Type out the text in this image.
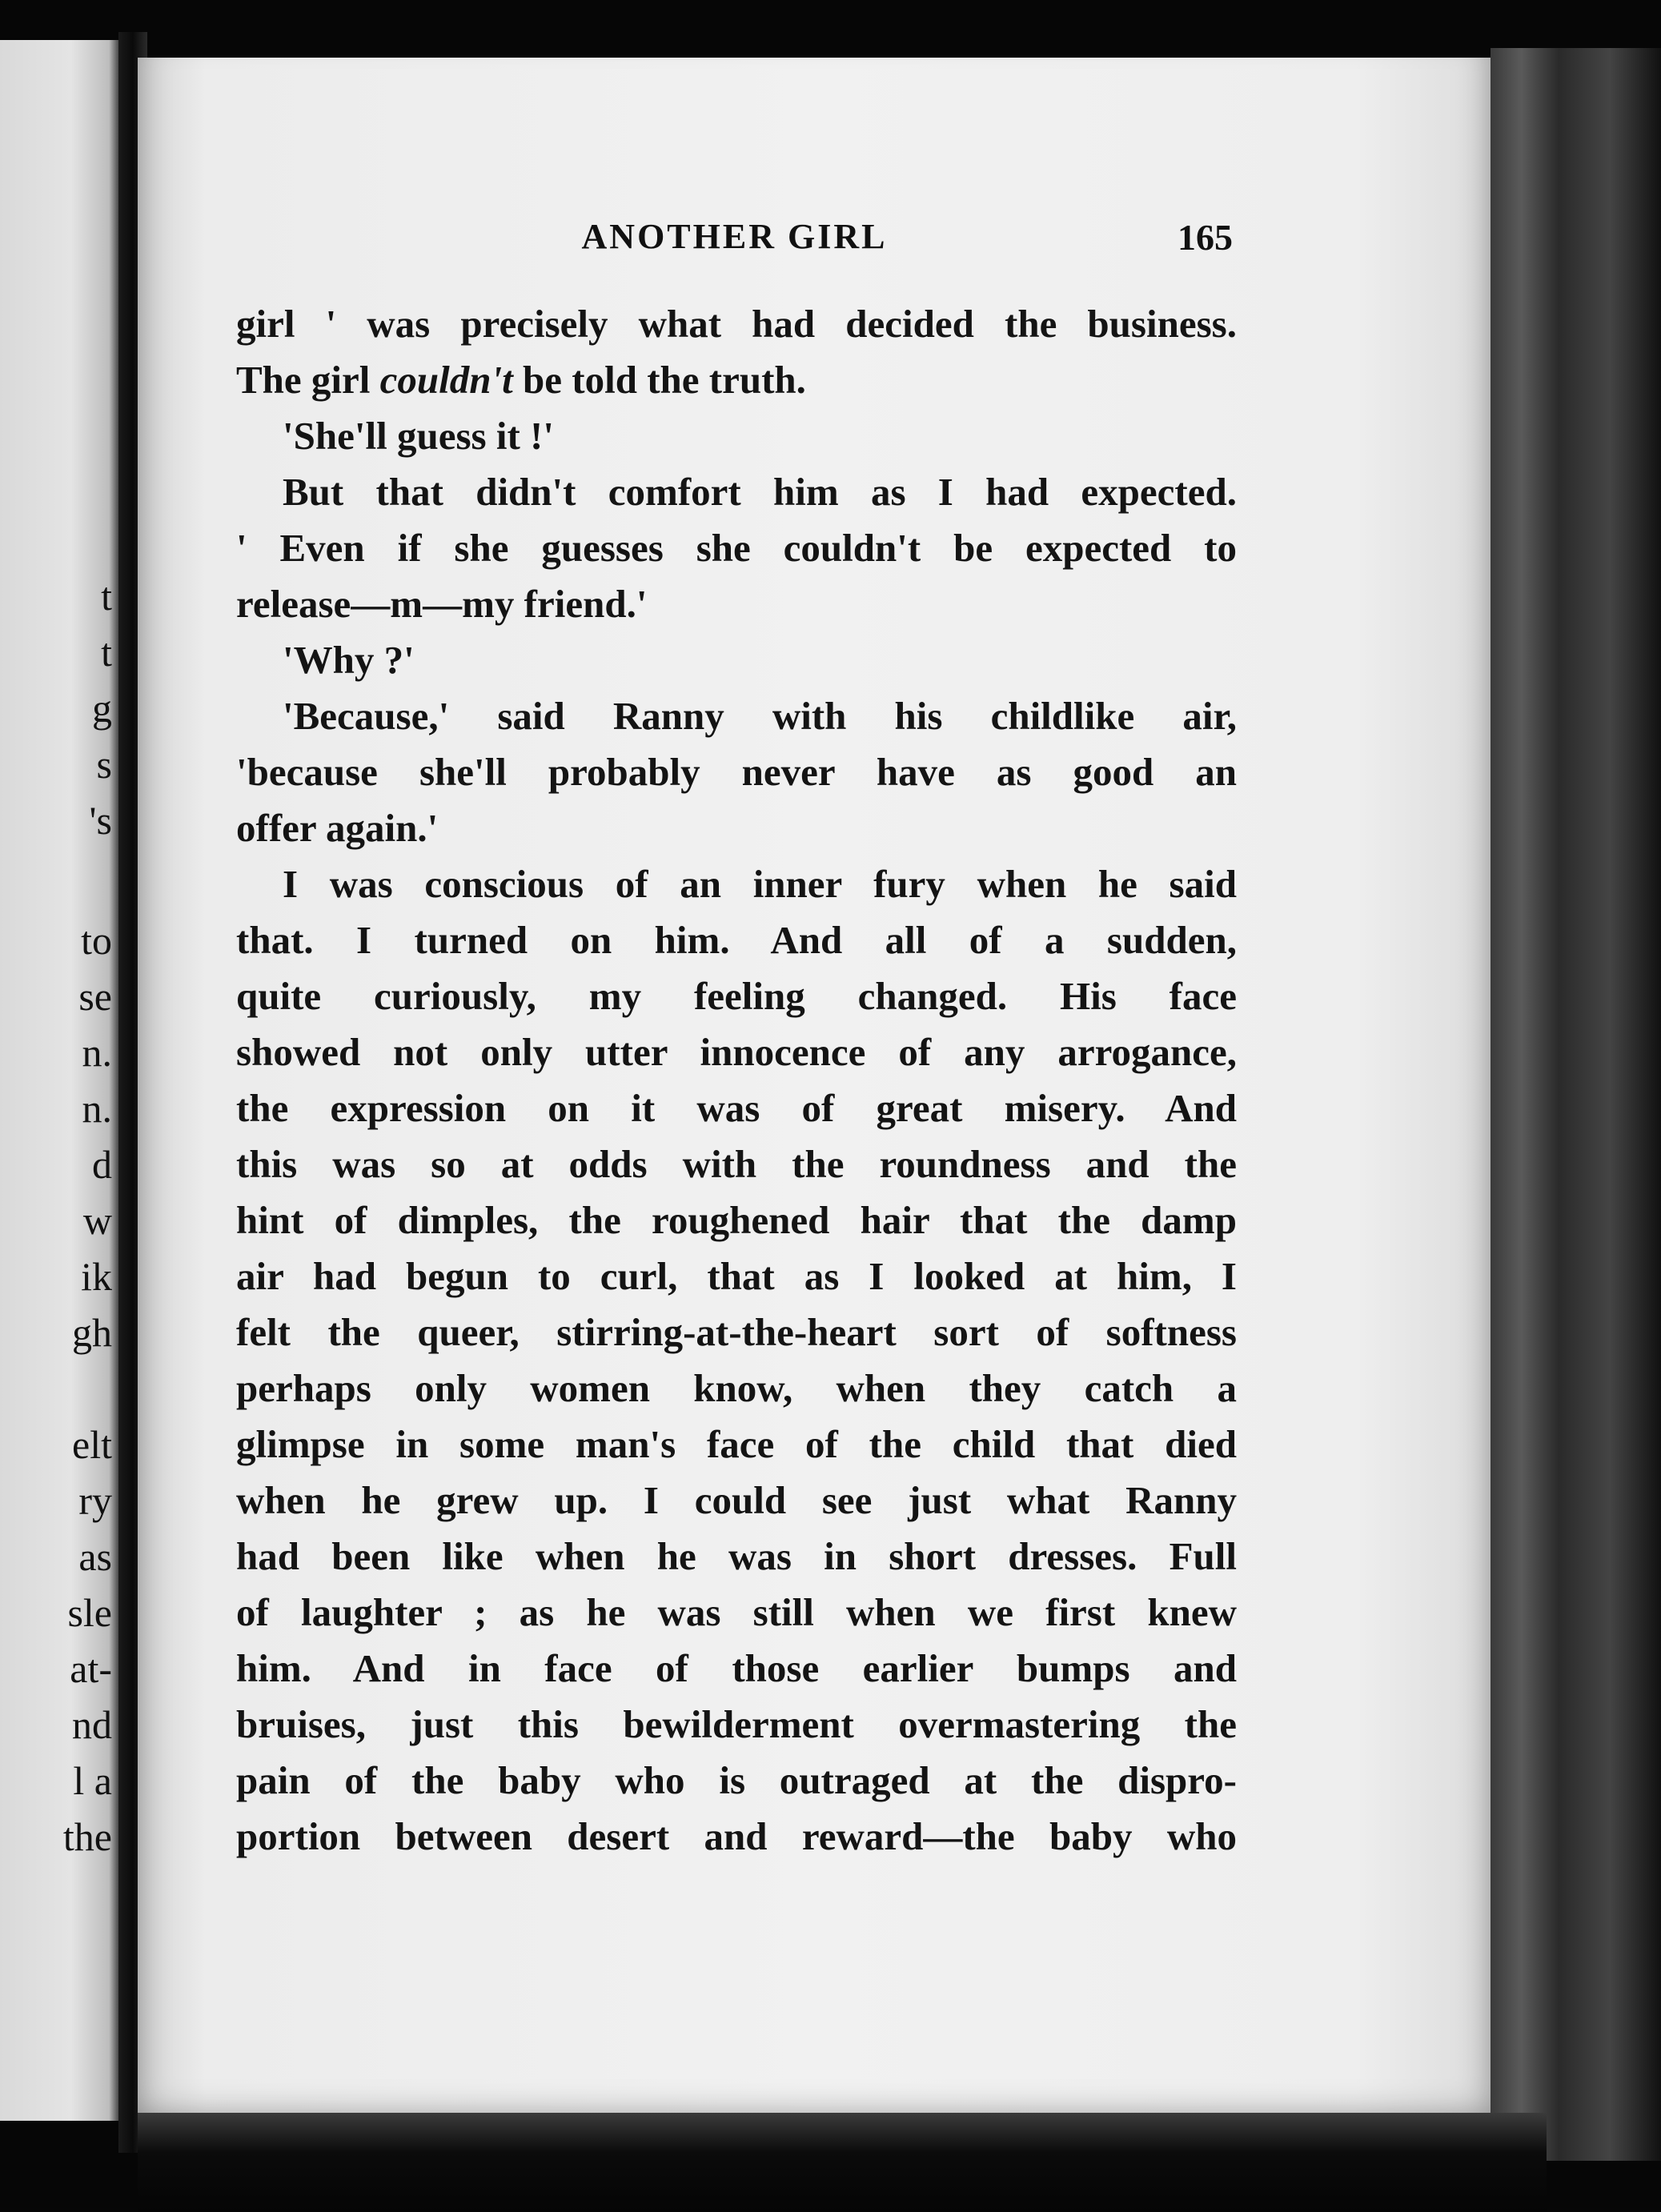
t
t
g
s
's
to
se
n.
n.
d
w
ik
gh
elt
ry
as
sle
at-
nd
l a
the
ANOTHER GIRL	165
girl ' was precisely what had decided the business.
The girl couldn't be told the truth.
'She'll guess it !'
But that didn't comfort him as I had expected.
' Even if she guesses she couldn't be expected to
release—m—my friend.'
'Why ?'
'Because,' said Ranny with his childlike air,
'because she'll probably never have as good an
offer again.'
I was conscious of an inner fury when he said
that. I turned on him. And all of a sudden,
quite curiously, my feeling changed. His face
showed not only utter innocence of any arrogance,
the expression on it was of great misery. And
this was so at odds with the roundness and the
hint of dimples, the roughened hair that the damp
air had begun to curl, that as I looked at him, I
felt the queer, stirring-at-the-heart sort of softness
perhaps only women know, when they catch a
glimpse in some man's face of the child that died
when he grew up. I could see just what Ranny
had been like when he was in short dresses. Full
of laughter ; as he was still when we first knew
him. And in face of those earlier bumps and
bruises, just this bewilderment overmastering the
pain of the baby who is outraged at the dispro-
portion between desert and reward—the baby who
